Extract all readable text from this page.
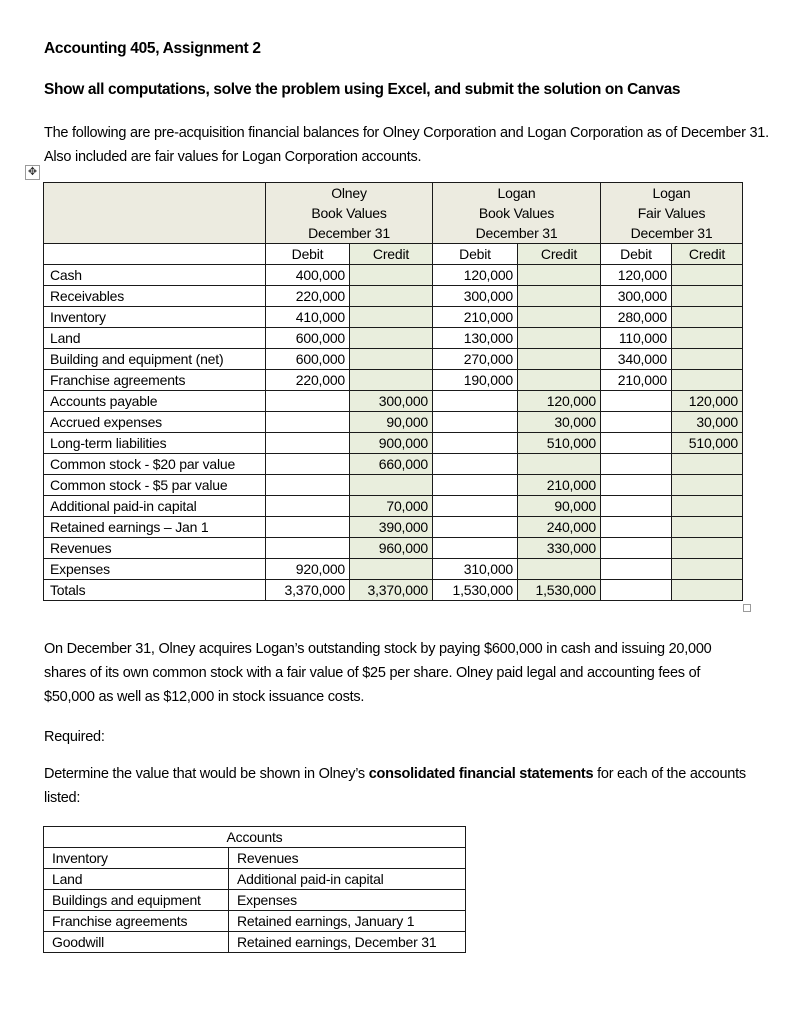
Accounting 405, Assignment 2
Show all computations, solve the problem using Excel, and submit the solution on Canvas
The following are pre-acquisition financial balances for Olney Corporation and Logan Corporation as of December 31. Also included are fair values for Logan Corporation accounts.
✥

Olney
Book Values
December 31

Logan
Book Values
December 31

Logan
Fair Values
December 31

	Debit	Credit	Debit	Credit	Debit	Credit
Cash	400,000		120,000		120,000	
Receivables	220,000		300,000		300,000	
Inventory	410,000		210,000		280,000	
Land	600,000		130,000		110,000	
Building and equipment (net)	600,000		270,000		340,000	
Franchise agreements	220,000		190,000		210,000	
Accounts payable		300,000		120,000		120,000
Accrued expenses		90,000		30,000		30,000
Long-term liabilities		900,000		510,000		510,000
Common stock - $20 par value		660,000				
Common stock - $5 par value				210,000		
Additional paid-in capital		70,000		90,000		
Retained earnings – Jan 1		390,000		240,000		
Revenues		960,000		330,000		
Expenses	920,000		310,000			
Totals	3,370,000	3,370,000	1,530,000	1,530,000		
On December 31, Olney acquires Logan’s outstanding stock by paying $600,000 in cash and issuing 20,000 shares of its own common stock with a fair value of $25 per share. Olney paid legal and accounting fees of $50,000 as well as $12,000 in stock issuance costs.
Required:
Determine the value that would be shown in Olney’s consolidated financial statements for each of the accounts listed:
Accounts	
Inventory	Revenues
Land	Additional paid-in capital
Buildings and equipment	Expenses
Franchise agreements	Retained earnings, January 1
Goodwill	Retained earnings, December 31
